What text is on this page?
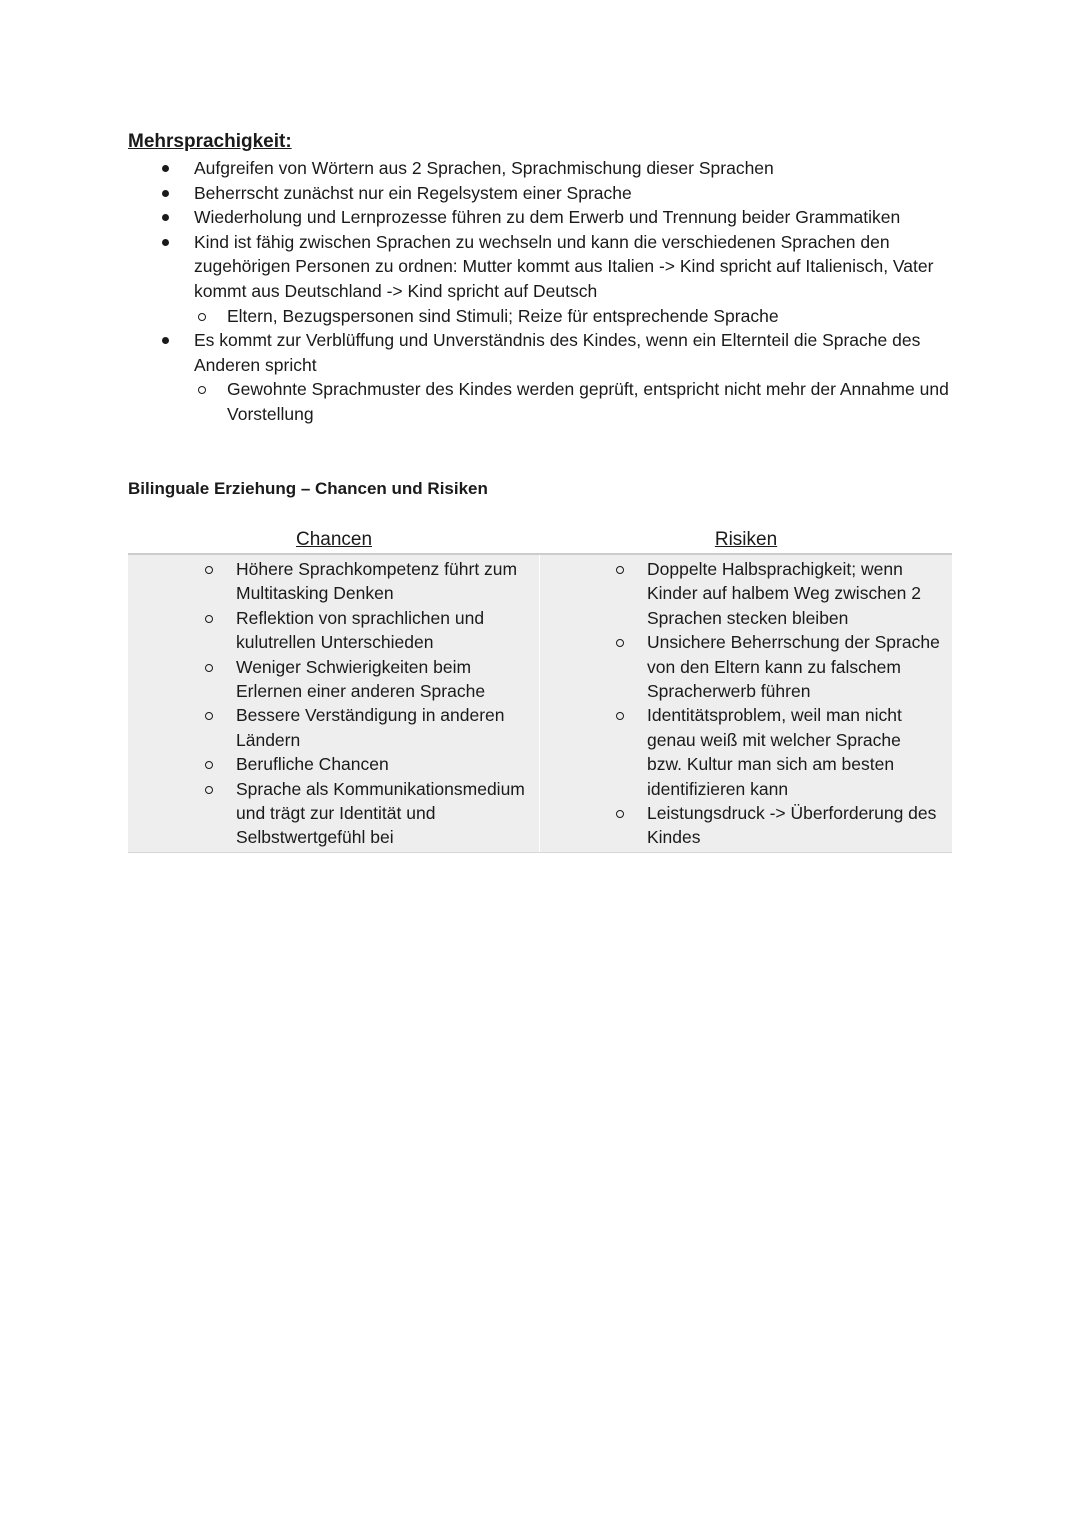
Mehrsprachigkeit:
Aufgreifen von Wörtern aus 2 Sprachen, Sprachmischung dieser Sprachen
Beherrscht zunächst nur ein Regelsystem einer Sprache
Wiederholung und Lernprozesse führen zu dem Erwerb und Trennung beider Grammatiken
Kind ist fähig zwischen Sprachen zu wechseln und kann die verschiedenen Sprachen den zugehörigen Personen zu ordnen: Mutter kommt aus Italien -> Kind spricht auf Italienisch, Vater kommt aus Deutschland -> Kind spricht auf Deutsch
Eltern, Bezugspersonen sind Stimuli; Reize für entsprechende Sprache
Es kommt zur Verblüffung und Unverständnis des Kindes, wenn ein Elternteil die Sprache des Anderen spricht
Gewohnte Sprachmuster des Kindes werden geprüft, entspricht nicht mehr der Annahme und Vorstellung
Bilinguale Erziehung – Chancen und Risiken
Chancen	Risiken
Höhere Sprachkompetenz führt zum Multitasking Denken
Reflektion von sprachlichen und kulutrellen Unterschieden
Weniger Schwierigkeiten beim Erlernen einer anderen Sprache
Bessere Verständigung in anderen Ländern
Berufliche Chancen
Sprache als Kommunikationsmedium und trägt zur Identität und Selbstwertgefühl bei
Doppelte Halbsprachigkeit; wenn Kinder auf halbem Weg zwischen 2 Sprachen stecken bleiben
Unsichere Beherrschung der Sprache von den Eltern kann zu falschem Spracherwerb führen
Identitätsproblem, weil man nicht genau weiß mit welcher Sprache bzw. Kultur man sich am besten identifizieren kann
Leistungsdruck -> Überforderung des Kindes
